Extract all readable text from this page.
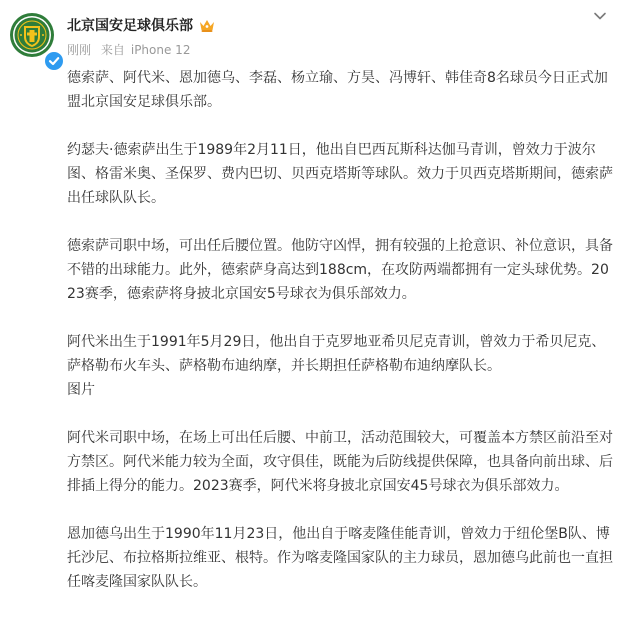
北京国安足球俱乐部
刚刚 来自 iPhone 12

德索萨、阿代米、恩加德乌、李磊、杨立瑜、方昊、冯博轩、韩佳奇8名球员今日正式加盟北京国安足球俱乐部。

约瑟夫·德索萨出生于1989年2月11日，他出自巴西瓦斯科达伽马青训，曾效力于波尔图、格雷米奥、圣保罗、费内巴切、贝西克塔斯等球队。效力于贝西克塔斯期间，德索萨出任球队队长。

德索萨司职中场，可出任后腰位置。他防守凶悍，拥有较强的上抢意识、补位意识，具备不错的出球能力。此外，德索萨身高达到188cm，在攻防两端都拥有一定头球优势。2023赛季，德索萨将身披北京国安5号球衣为俱乐部效力。

阿代米出生于1991年5月29日，他出自于克罗地亚希贝尼克青训，曾效力于希贝尼克、萨格勒布火车头、萨格勒布迪纳摩，并长期担任萨格勒布迪纳摩队长。

图片

阿代米司职中场，在场上可出任后腰、中前卫，活动范围较大，可覆盖本方禁区前沿至对方禁区。阿代米能力较为全面，攻守俱佳，既能为后防线提供保障，也具备向前出球、后排插上得分的能力。2023赛季，阿代米将身披北京国安45号球衣为俱乐部效力。

恩加德乌出生于1990年11月23日，他出自于喀麦隆佳能青训，曾效力于纽伦堡B队、博托沙尼、布拉格斯拉维亚、根特。作为喀麦隆国家队的主力球员，恩加德乌此前也一直担任喀麦隆国家队队长。
